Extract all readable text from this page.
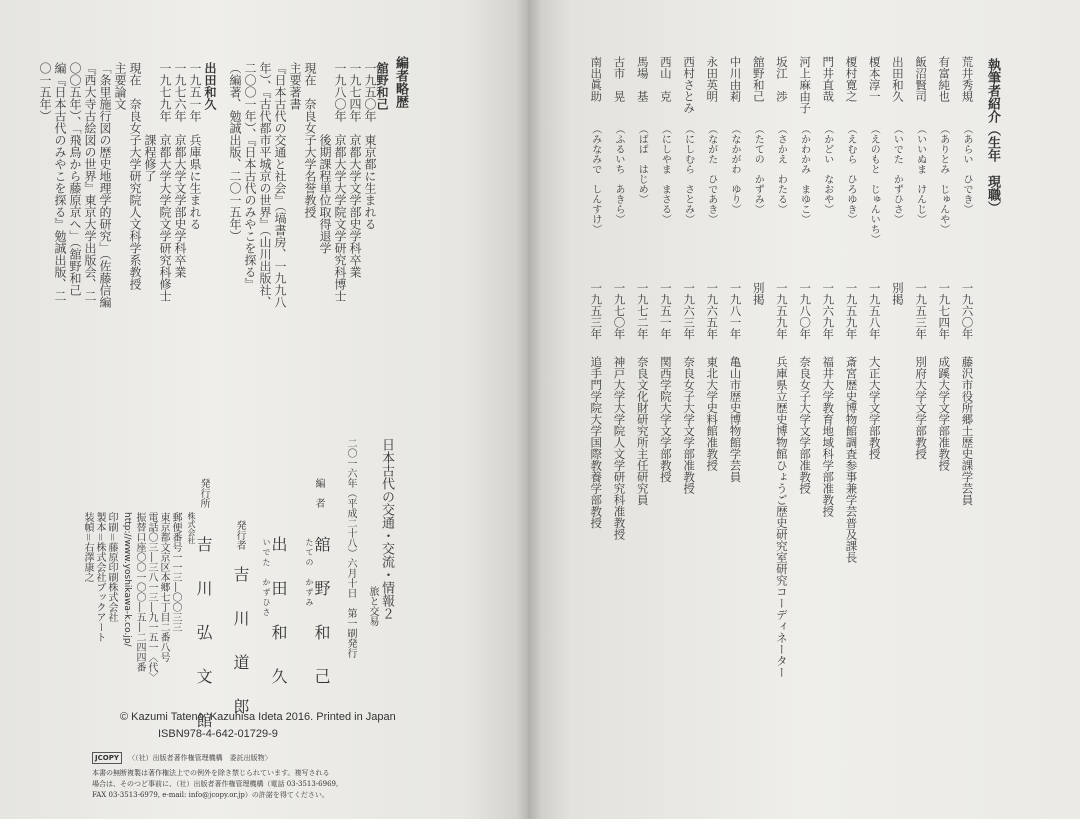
編者略歴
舘野和己
一九五〇年　東京都に生まれる
一九七四年　京都大学文学部史学科卒業
一九八〇年　京都大学大学院文学研究科博士
　　　　　　後期課程単位取得退学
現在　奈良女子大学名誉教授
主要著書
『日本古代の交通と社会』（塙書房、一九九八
年）、『古代都市平城京の世界』（山川出版社、
二〇〇一年）、『日本古代のみやこを探る』
（編著、勉誠出版、二〇一五年）
出田和久
一九五一年　兵庫県に生まれる
一九七六年　京都大学文学部史学科卒業
一九七九年　京都大学大学院文学研究科修士
　　　　　　課程修了
現在　奈良女子大学研究院人文科学系教授
主要論文
「条里施行図の歴史地理学的研究」（佐藤信編
『西大寺古絵図の世界』東京大学出版会、二
〇〇五年）、「飛鳥から藤原京へ」（舘野和己
編『日本古代のみやこを探る』勉誠出版、二
〇一五年）
日本古代の交通・交流・情報２
旅と交易
二〇一六年（平成二十八）六月十日　第一刷発行
編　者
舘　野　和　己
たての　かずみ
出　田　和　久
いでた　かずひさ
発行者
吉　川　道　郎
発行所
株式会社
吉　川　弘　文　館
郵便番号一一三―〇〇三三
東京都文京区本郷七丁目二番八号
電話〇三―三八一三―九一五一〈代〉
振替口座〇〇一〇〇―五―二四四番
http://www.yoshikawa-k.co.jp/
印刷＝藤原印刷株式会社
製本＝株式会社ブックアート
装幀＝右澤康之
© Kazumi Tateno, Kazuhisa Ideta 2016. Printed in Japan
ISBN978-4-642-01729-9
JCOPY 〈（社）出版者著作権管理機構　委託出版物〉
本書の無断複製は著作権法上での例外を除き禁じられています。複写される
場合は、そのつど事前に、（社）出版者著作権管理機構（電話 03-3513-6969,
FAX 03-3513-6979, e-mail: info@jcopy.or.jp）の許諾を得てください。
執筆者紹介（生年　現職）
荒井秀規
（あらい　ひでき）
一九六〇年
藤沢市役所郷土歴史課学芸員
有富純也
（ありとみ　じゅんや）
一九七四年
成蹊大学文学部准教授
飯沼賢司
（いいぬま　けんじ）
一九五三年
別府大学文学部教授
出田和久
（いでた　かずひさ）
別掲
榎本淳一
（えのもと　じゅんいち）
一九五八年
大正大学文学部教授
榎村寛之
（えむら　ひろゆき）
一九五九年
斎宮歴史博物館調査参事兼学芸普及課長
門井直哉
（かどい　なおや）
一九六九年
福井大学教育地域科学部准教授
河上麻由子
（かわかみ　まゆこ）
一九八〇年
奈良女子大学文学部准教授
坂江　渉
（さかえ　わたる）
一九五九年
兵庫県立歴史博物館ひょうご歴史研究室研究コーディネーター
舘野和己
（たての　かずみ）
別掲
中川由莉
（なかがわ　ゆり）
一九八一年
亀山市歴史博物館学芸員
永田英明
（ながた　ひであき）
一九六五年
東北大学史料館准教授
西村さとみ
（にしむら　さとみ）
一九六三年
奈良女子大学文学部准教授
西山　克
（にしやま　まさる）
一九五一年
関西学院大学文学部教授
馬場　基
（ばば　はじめ）
一九七二年
奈良文化財研究所主任研究員
古市　晃
（ふるいち　あきら）
一九七〇年
神戸大学大学院人文学研究科准教授
南出眞助
（みなみで　しんすけ）
一九五三年
追手門学院大学国際教養学部教授
